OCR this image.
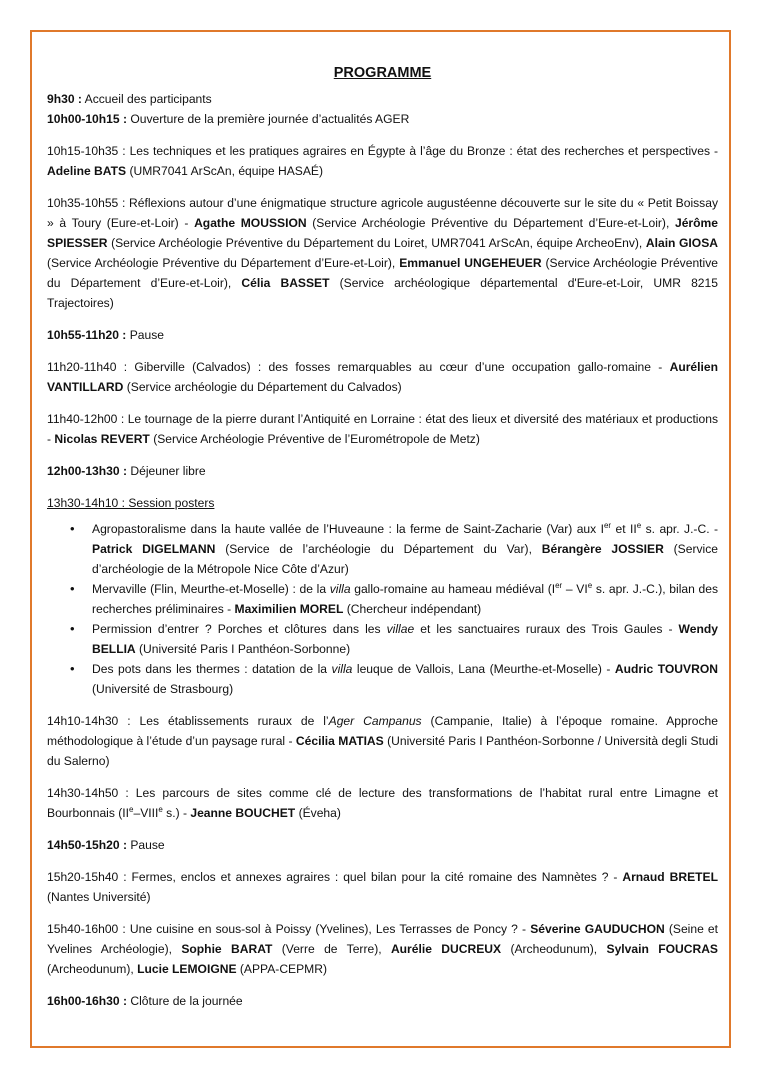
PROGRAMME

9h30 : Accueil des participants

10h00-10h15 : Ouverture de la première journée d’actualités AGER

10h15-10h35 : Les techniques et les pratiques agraires en Égypte à l’âge du Bronze : état des recherches et perspectives - Adeline BATS (UMR7041 ArScAn, équipe HASAÉ)

10h35-10h55 : Réflexions autour d’une énigmatique structure agricole augustéenne découverte sur le site du « Petit Boissay » à Toury (Eure-et-Loir) - Agathe MOUSSION (Service Archéologie Préventive du Département d’Eure-et-Loir), Jérôme SPIESSER (Service Archéologie Préventive du Département du Loiret, UMR7041 ArScAn, équipe ArcheoEnv), Alain GIOSA (Service Archéologie Préventive du Département d’Eure-et-Loir), Emmanuel UNGEHEUER (Service Archéologie Préventive du Département d’Eure-et-Loir), Célia BASSET (Service archéologique départemental d'Eure-et-Loir, UMR 8215 Trajectoires)

10h55-11h20 : Pause

11h20-11h40 : Giberville (Calvados) : des fosses remarquables au cœur d’une occupation gallo-romaine - Aurélien VANTILLARD (Service archéologie du Département du Calvados)

11h40-12h00 : Le tournage de la pierre durant l’Antiquité en Lorraine : état des lieux et diversité des matériaux et productions - Nicolas REVERT (Service Archéologie Préventive de l’Eurométropole de Metz)

12h00-13h30 : Déjeuner libre

13h30-14h10 : Session posters

• Agropastoralisme dans la haute vallée de l’Huveaune : la ferme de Saint-Zacharie (Var) aux Ier et IIe s. apr. J.-C. - Patrick DIGELMANN (Service de l’archéologie du Département du Var), Bérangère JOSSIER (Service d’archéologie de la Métropole Nice Côte d’Azur)
• Mervaville (Flin, Meurthe-et-Moselle) : de la villa gallo-romaine au hameau médiéval (Ier – VIe s. apr. J.-C.), bilan des recherches préliminaires - Maximilien MOREL (Chercheur indépendant)
• Permission d’entrer ? Porches et clôtures dans les villae et les sanctuaires ruraux des Trois Gaules - Wendy BELLIA (Université Paris I Panthéon-Sorbonne)
• Des pots dans les thermes : datation de la villa leuque de Vallois, Lana (Meurthe-et-Moselle) - Audric TOUVRON (Université de Strasbourg)

14h10-14h30 : Les établissements ruraux de l’Ager Campanus (Campanie, Italie) à l’époque romaine. Approche méthodologique à l’étude d’un paysage rural - Cécilia MATIAS (Université Paris I Panthéon-Sorbonne / Università degli Studi du Salerno)

14h30-14h50 : Les parcours de sites comme clé de lecture des transformations de l’habitat rural entre Limagne et Bourbonnais (IIe–VIIIe s.) - Jeanne BOUCHET (Éveha)

14h50-15h20 : Pause

15h20-15h40 : Fermes, enclos et annexes agraires : quel bilan pour la cité romaine des Namnètes ? - Arnaud BRETEL (Nantes Université)

15h40-16h00 : Une cuisine en sous-sol à Poissy (Yvelines), Les Terrasses de Poncy ? - Séverine GAUDUCHON (Seine et Yvelines Archéologie), Sophie BARAT (Verre de Terre), Aurélie DUCREUX (Archeodunum), Sylvain FOUCRAS (Archeodunum), Lucie LEMOIGNE (APPA-CEPMR)

16h00-16h30 : Clôture de la journée
